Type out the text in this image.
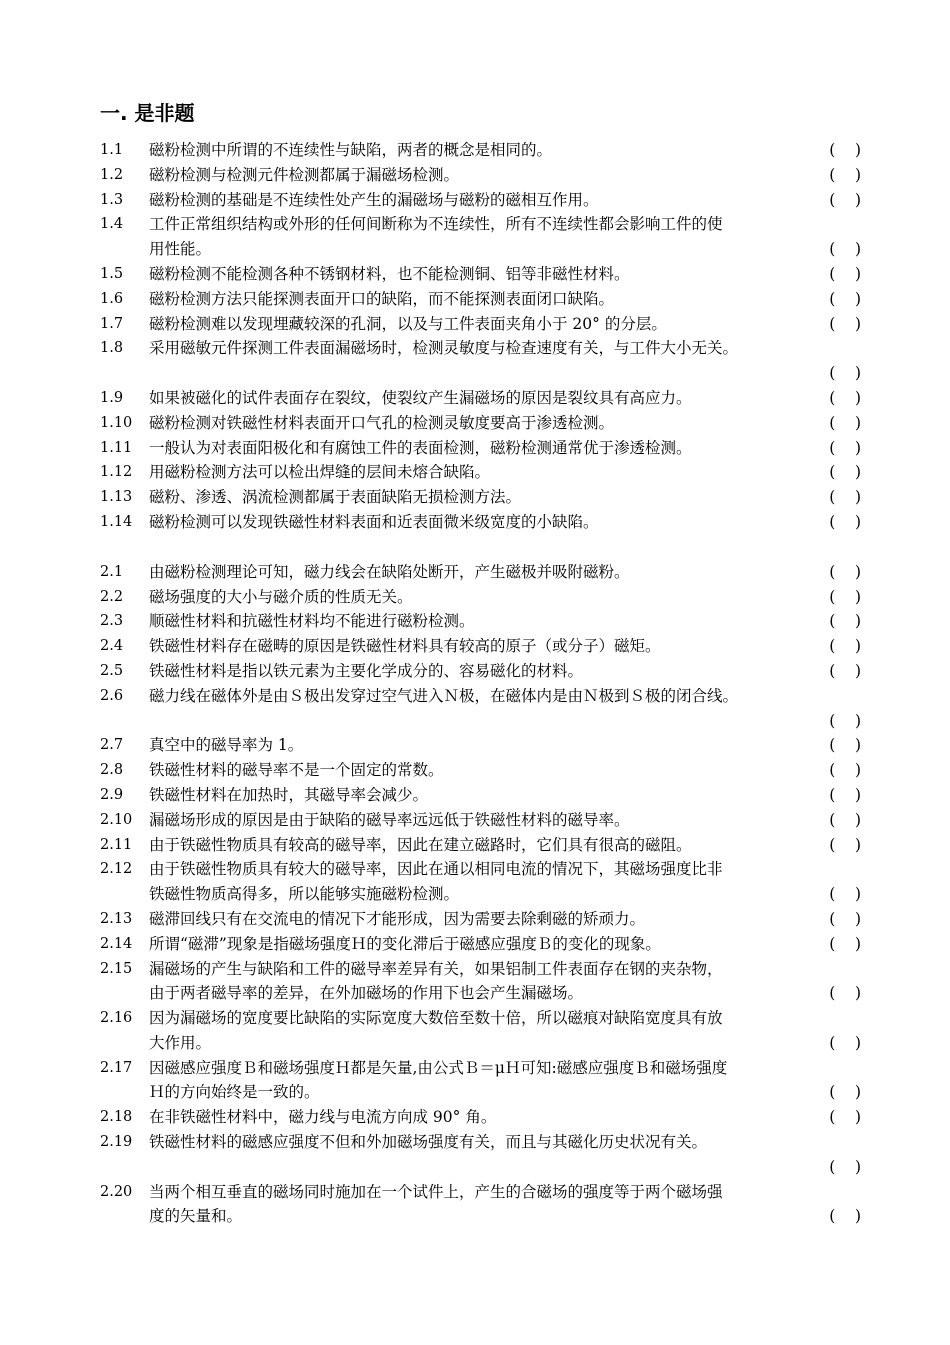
一. 是非题
1.1	磁粉检测中所谓的不连续性与缺陷，两者的概念是相同的。	(    )
1.2	磁粉检测与检测元件检测都属于漏磁场检测。	(    )
1.3	磁粉检测的基础是不连续性处产生的漏磁场与磁粉的磁相互作用。	(    )
1.4	工件正常组织结构或外形的任何间断称为不连续性，所有不连续性都会影响工件的使
用性能。	(    )
1.5	磁粉检测不能检测各种不锈钢材料，也不能检测铜、铝等非磁性材料。	(    )
1.6	磁粉检测方法只能探测表面开口的缺陷，而不能探测表面闭口缺陷。	(    )
1.7	磁粉检测难以发现埋藏较深的孔洞，以及与工件表面夹角小于 20° 的分层。	(    )
1.8	采用磁敏元件探测工件表面漏磁场时，检测灵敏度与检查速度有关，与工件大小无关。
(    )
1.9	如果被磁化的试件表面存在裂纹，使裂纹产生漏磁场的原因是裂纹具有高应力。	(    )
1.10	磁粉检测对铁磁性材料表面开口气孔的检测灵敏度要高于渗透检测。	(    )
1.11	一般认为对表面阳极化和有腐蚀工件的表面检测，磁粉检测通常优于渗透检测。	(    )
1.12	用磁粉检测方法可以检出焊缝的层间未熔合缺陷。	(    )
1.13	磁粉、渗透、涡流检测都属于表面缺陷无损检测方法。	(    )
1.14	磁粉检测可以发现铁磁性材料表面和近表面微米级宽度的小缺陷。	(    )
2.1	由磁粉检测理论可知，磁力线会在缺陷处断开，产生磁极并吸附磁粉。	(    )
2.2	磁场强度的大小与磁介质的性质无关。	(    )
2.3	顺磁性材料和抗磁性材料均不能进行磁粉检测。	(    )
2.4	铁磁性材料存在磁畴的原因是铁磁性材料具有较高的原子（或分子）磁矩。	(    )
2.5	铁磁性材料是指以铁元素为主要化学成分的、容易磁化的材料。	(    )
2.6	磁力线在磁体外是由Ｓ极出发穿过空气进入Ｎ极，在磁体内是由Ｎ极到Ｓ极的闭合线。
(    )
2.7	真空中的磁导率为 1。	(    )
2.8	铁磁性材料的磁导率不是一个固定的常数。	(    )
2.9	铁磁性材料在加热时，其磁导率会减少。	(    )
2.10	漏磁场形成的原因是由于缺陷的磁导率远远低于铁磁性材料的磁导率。	(    )
2.11	由于铁磁性物质具有较高的磁导率，因此在建立磁路时，它们具有很高的磁阻。	(    )
2.12	由于铁磁性物质具有较大的磁导率，因此在通以相同电流的情况下，其磁场强度比非
铁磁性物质高得多，所以能够实施磁粉检测。	(    )
2.13	磁滞回线只有在交流电的情况下才能形成，因为需要去除剩磁的矫顽力。	(    )
2.14	所谓“磁滞”现象是指磁场强度Ｈ的变化滞后于磁感应强度Ｂ的变化的现象。	(    )
2.15	漏磁场的产生与缺陷和工件的磁导率差异有关，如果铝制工件表面存在钢的夹杂物，
由于两者磁导率的差异，在外加磁场的作用下也会产生漏磁场。	(    )
2.16	因为漏磁场的宽度要比缺陷的实际宽度大数倍至数十倍，所以磁痕对缺陷宽度具有放
大作用。	(    )
2.17	因磁感应强度Ｂ和磁场强度Ｈ都是矢量,由公式Ｂ＝μＨ可知:磁感应强度Ｂ和磁场强度
Ｈ的方向始终是一致的。	(    )
2.18	在非铁磁性材料中，磁力线与电流方向成 90° 角。	(    )
2.19	铁磁性材料的磁感应强度不但和外加磁场强度有关，而且与其磁化历史状况有关。
(    )
2.20	当两个相互垂直的磁场同时施加在一个试件上，产生的合磁场的强度等于两个磁场强
度的矢量和。	(    )
